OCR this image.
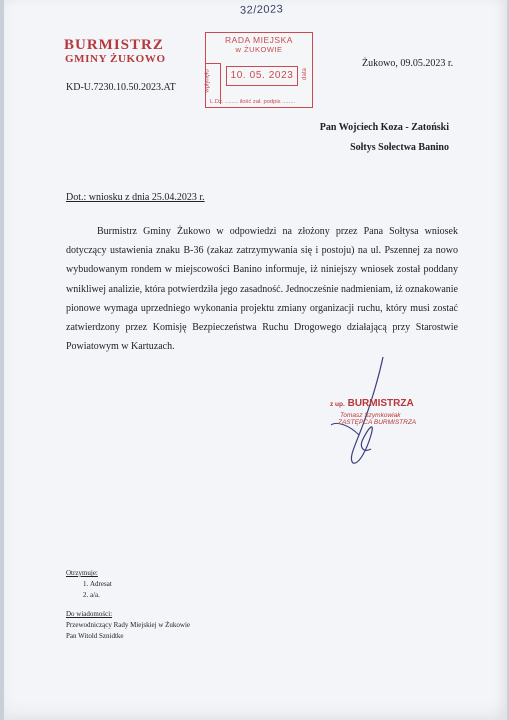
32/2023
BURMISTRZ
GMINY ŻUKOWO
KD-U.7230.10.50.2023.AT
RADA MIEJSKA
w ŻUKOWIE
wpłynęło	10. 05. 2023	data
L.Dz. ........ ilość zał. podpis ........
Żukowo, 09.05.2023 r.
Pan Wojciech Koza - Zatoński
Sołtys Sołectwa Banino
Dot.: wniosku z dnia 25.04.2023 r.

Burmistrz Gminy Żukowo w odpowiedzi na złożony przez Pana Sołtysa wniosek dotyczący ustawienia znaku B-36 (zakaz zatrzymywania się i postoju) na ul. Pszennej za nowo wybudowanym rondem w miejscowości Banino informuje, iż niniejszy wniosek został poddany wnikliwej analizie, która potwierdziła jego zasadność. Jednocześnie nadmieniam, iż oznakowanie pionowe wymaga uprzedniego wykonania projektu zmiany organizacji ruchu, który musi zostać zatwierdzony przez Komisję Bezpieczeństwa Ruchu Drogowego działającą przy Starostwie Powiatowym w Kartuzach.

z up. BURMISTRZA
Tomasz Szymkowiak
ZASTĘPCA BURMISTRZA
Otrzymuje:
1. Adresat
2. a/a.
Do wiadomości:
Przewodniczący Rady Miejskiej w Żukowie
Pan Witold Sznidtke
